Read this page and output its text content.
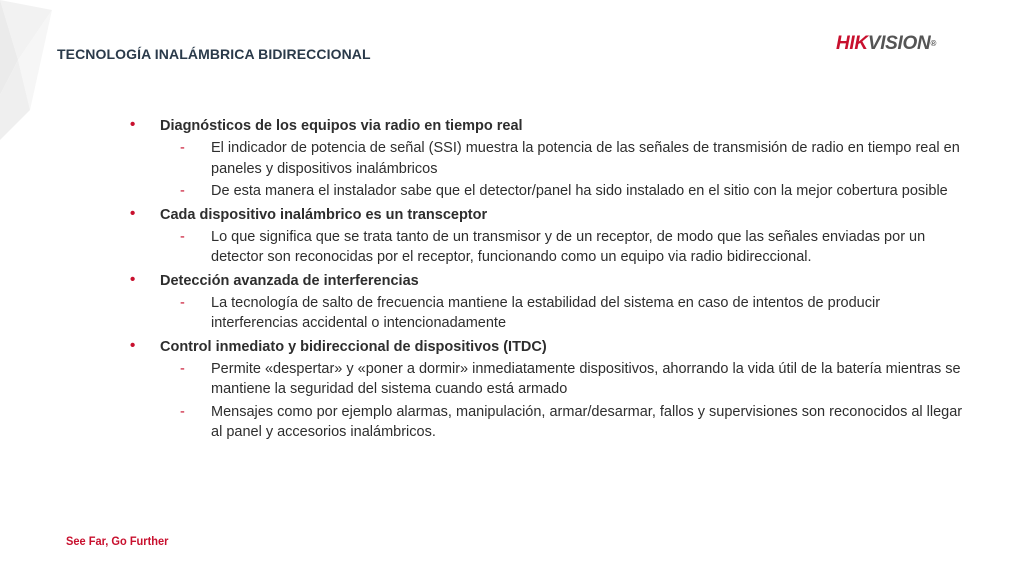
TECNOLOGÍA INALÁMBRICA BIDIRECCIONAL	HIKVISION®
• Diagnósticos de los equipos via radio en tiempo real
- El indicador de potencia de señal (SSI) muestra la potencia de las señales de transmisión de radio en tiempo real en paneles y dispositivos inalámbricos
- De esta manera el instalador sabe que el detector/panel ha sido instalado en el sitio con la mejor cobertura posible
• Cada dispositivo inalámbrico es un transceptor
- Lo que significa que se trata tanto de un transmisor y de un receptor, de modo que las señales enviadas por un detector son reconocidas por el receptor, funcionando como un equipo via radio bidireccional.
• Detección avanzada de interferencias
- La tecnología de salto de frecuencia mantiene la estabilidad del sistema en caso de intentos de producir interferencias accidental o intencionadamente
• Control inmediato y bidireccional de dispositivos (ITDC)
- Permite «despertar» y «poner a dormir» inmediatamente dispositivos, ahorrando la vida útil de la batería mientras se mantiene la seguridad del sistema cuando está armado
- Mensajes como por ejemplo alarmas, manipulación, armar/desarmar, fallos y supervisiones son reconocidos al llegar al panel y accesorios inalámbricos.
See Far, Go Further
